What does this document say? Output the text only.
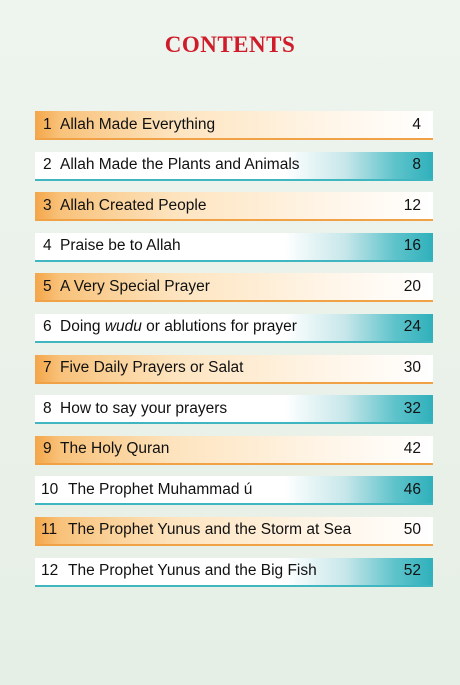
CONTENTS
1 Allah Made Everything	4
2 Allah Made the Plants and Animals	8
3 Allah Created People	12
4 Praise be to Allah	16
5 A Very Special Prayer	20
6 Doing wudu or ablutions for prayer	24
7 Five Daily Prayers or Salat	30
8 How to say your prayers	32
9 The Holy Quran	42
10 The Prophet Muhammad ú	46
11 The Prophet Yunus and the Storm at Sea	50
12 The Prophet Yunus and the Big Fish	52
